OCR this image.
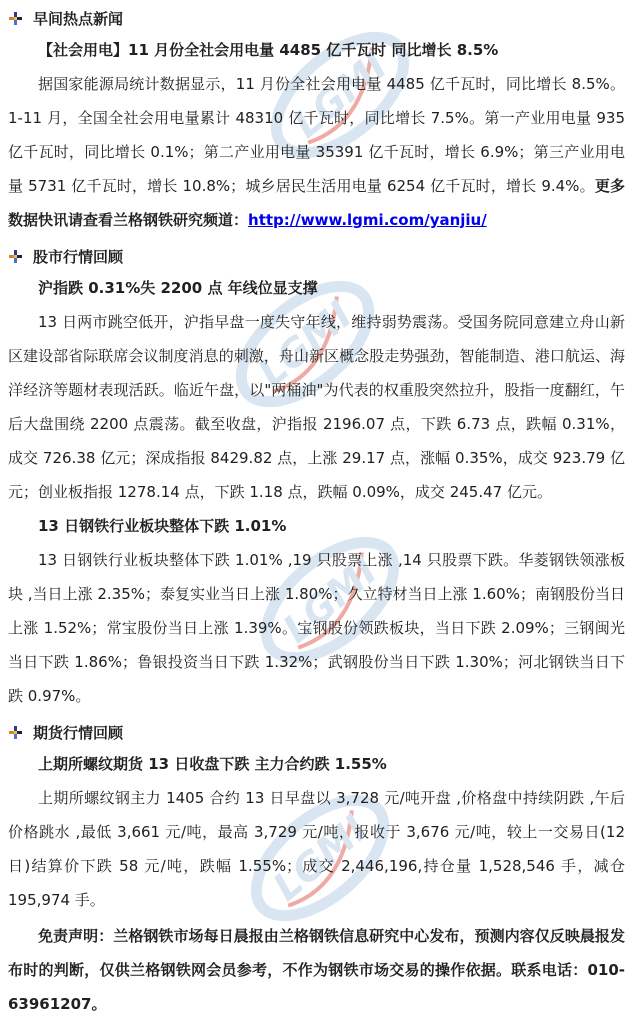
LGMI
LGMI
LGMI
LGMI
早间热点新闻

【社会用电】11 月份全社会用电量 4485 亿千瓦时 同比增长 8.5%

据国家能源局统计数据显示，11 月份全社会用电量 4485 亿千瓦时，同比增长 8.5%。1-11 月，全国全社会用电量累计 48310 亿千瓦时，同比增长 7.5%。第一产业用电量 935 亿千瓦时，同比增长 0.1%；第二产业用电量 35391 亿千瓦时，增长 6.9%；第三产业用电量 5731 亿千瓦时，增长 10.8%；城乡居民生活用电量 6254 亿千瓦时，增长 9.4%。更多数据快讯请查看兰格钢铁研究频道：http://www.lgmi.com/yanjiu/

股市行情回顾

沪指跌 0.31%失 2200 点 年线位显支撑

13 日两市跳空低开，沪指早盘一度失守年线，维持弱势震荡。受国务院同意建立舟山新区建设部省际联席会议制度消息的刺激，舟山新区概念股走势强劲，智能制造、港口航运、海洋经济等题材表现活跃。临近午盘，以"两桶油"为代表的权重股突然拉升，股指一度翻红，午后大盘围绕 2200 点震荡。截至收盘，沪指报 2196.07 点，下跌 6.73 点，跌幅 0.31%，成交 726.38 亿元；深成指报 8429.82 点，上涨 29.17 点，涨幅 0.35%，成交 923.79 亿元；创业板指报 1278.14 点，下跌 1.18 点，跌幅 0.09%，成交 245.47 亿元。

13 日钢铁行业板块整体下跌 1.01%

13 日钢铁行业板块整体下跌 1.01% ,19 只股票上涨 ,14 只股票下跌。华菱钢铁领涨板块 ,当日上涨 2.35%；泰复实业当日上涨 1.80%；久立特材当日上涨 1.60%；南钢股份当日上涨 1.52%；常宝股份当日上涨 1.39%。宝钢股份领跌板块，当日下跌 2.09%；三钢闽光当日下跌 1.86%；鲁银投资当日下跌 1.32%；武钢股份当日下跌 1.30%；河北钢铁当日下跌 0.97%。

期货行情回顾

上期所螺纹期货 13 日收盘下跌 主力合约跌 1.55%

上期所螺纹钢主力 1405 合约 13 日早盘以 3,728 元/吨开盘 ,价格盘中持续阴跌 ,午后价格跳水 ,最低 3,661 元/吨，最高 3,729 元/吨，报收于 3,676 元/吨，较上一交易日(12 日)结算价下跌 58 元/吨，跌幅 1.55%；成交 2,446,196,持仓量 1,528,546 手，减仓 195,974 手。

免责声明：兰格钢铁市场每日晨报由兰格钢铁信息研究中心发布，预测内容仅反映晨报发布时的判断，仅供兰格钢铁网会员参考，不作为钢铁市场交易的操作依据。联系电话：010-63961207。
